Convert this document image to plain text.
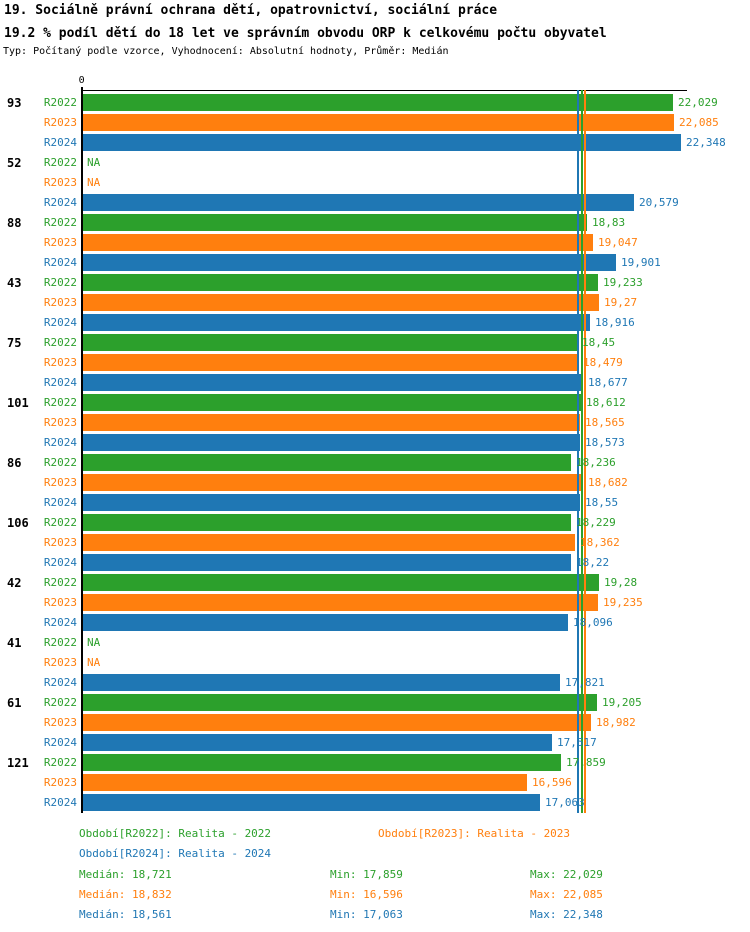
19. Sociálně právní ochrana dětí, opatrovnictví, sociální práce
19.2 % podíl dětí do 18 let ve správním obvodu ORP k celkovému počtu obyvatel
Typ: Počítaný podle vzorce, Vyhodnocení: Absolutní hodnoty, Průměr: Medián
0
93	R2022	22,029
R2023	22,085
R2024	22,348
52	R2022 NA
R2023 NA
R2024	20,579
88	R2022	18,83
R2023	19,047
R2024	19,901
43	R2022	19,233
R2023	19,27
R2024	18,916
75	R2022	18,45
R2023	18,479
R2024	18,677
101	R2022	18,612
R2023	18,565
R2024	18,573
86	R2022	18,236
R2023	18,682
R2024	18,55
106	R2022	18,229
R2023	18,362
R2024	18,22
42	R2022	19,28
R2023	19,235
R2024	18,096
41	R2022 NA
R2023 NA
R2024	17,821
61	R2022	19,205
R2023	18,982
R2024	17,517
121	R2022	17,859
R2023	16,596
R2024	17,063
Období[R2022]: Realita - 2022	Období[R2023]: Realita - 2023
Období[R2024]: Realita - 2024
Medián: 18,721	Min: 17,859	Max: 22,029
Medián: 18,832	Min: 16,596	Max: 22,085
Medián: 18,561	Min: 17,063	Max: 22,348
